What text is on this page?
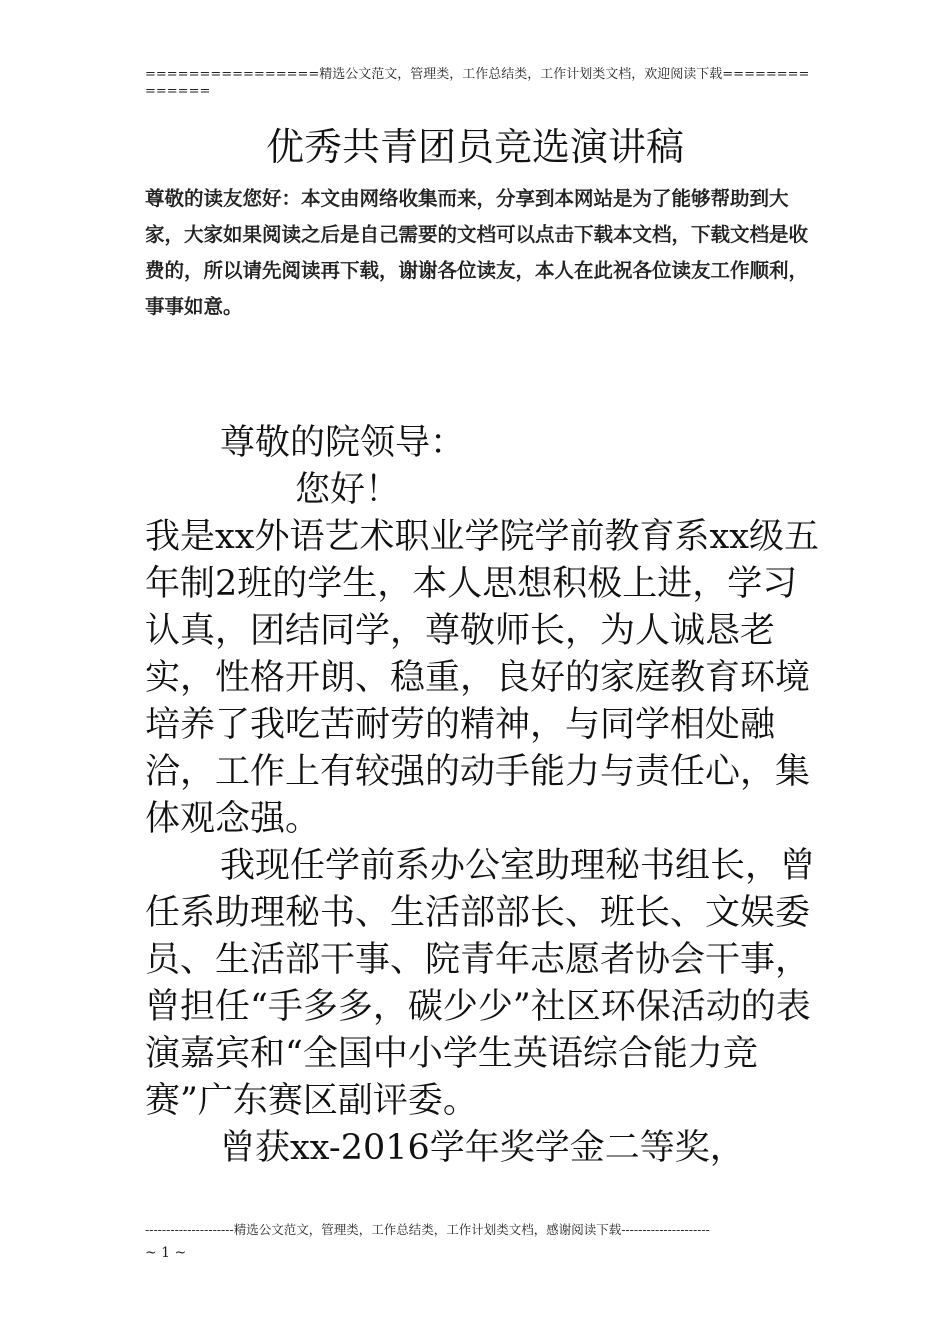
================精选公文范文，管理类，工作总结类，工作计划类文档，欢迎阅读下载==============
优秀共青团员竞选演讲稿

尊敬的读友您好：本文由网络收集而来，分享到本网站是为了能够帮助到大家，大家如果阅读之后是自己需要的文档可以点击下载本文档，下载文档是收费的，所以请先阅读再下载，谢谢各位读友，本人在此祝各位读友工作顺利，事事如意。

尊敬的院领导：

您好！

我是xx外语艺术职业学院学前教育系xx级五年制2班的学生，本人思想积极上进，学习认真，团结同学，尊敬师长，为人诚恳老实，性格开朗、稳重，良好的家庭教育环境培养了我吃苦耐劳的精神，与同学相处融洽，工作上有较强的动手能力与责任心，集体观念强。

我现任学前系办公室助理秘书组长，曾任系助理秘书、生活部部长、班长、文娱委员、生活部干事、院青年志愿者协会干事，曾担任“手多多，碳少少”社区环保活动的表演嘉宾和“全国中小学生英语综合能力竞赛”广东赛区副评委。

曾获xx-2016学年奖学金二等奖，

---------------------精选公文范文，管理类，工作总结类，工作计划类文档，感谢阅读下载---------------------
~ 1 ~
